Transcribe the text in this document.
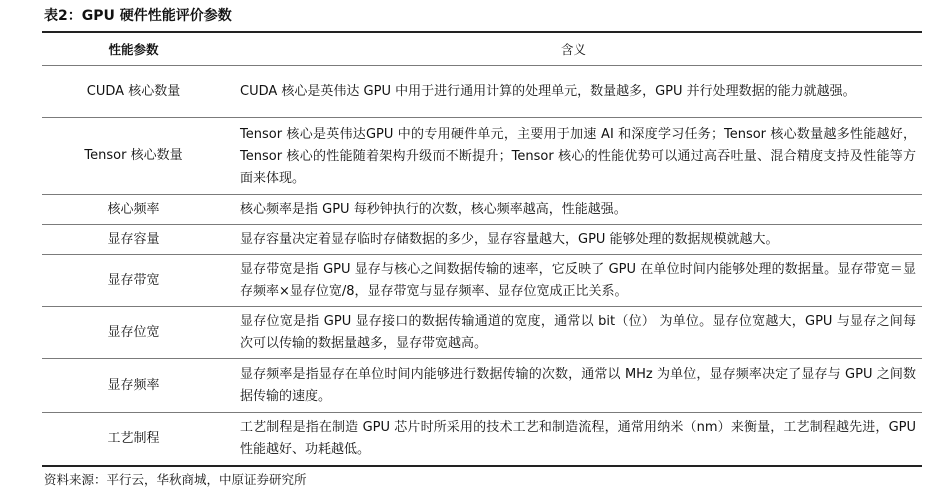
表2：GPU 硬件性能评价参数
性能参数	含义
CUDA 核心数量	CUDA 核心是英伟达 GPU 中用于进行通用计算的处理单元，数量越多，GPU 并行处理数据的能力就越强。
Tensor 核心数量	Tensor 核心是英伟达GPU 中的专用硬件单元，主要用于加速 AI 和深度学习任务；Tensor 核心数量越多性能越好，Tensor 核心的性能随着架构升级而不断提升；Tensor 核心的性能优势可以通过高吞吐量、混合精度支持及性能等方面来体现。
核心频率	核心频率是指 GPU 每秒钟执行的次数，核心频率越高，性能越强。
显存容量	显存容量决定着显存临时存储数据的多少，显存容量越大，GPU 能够处理的数据规模就越大。
显存带宽	显存带宽是指 GPU 显存与核心之间数据传输的速率，它反映了 GPU 在单位时间内能够处理的数据量。显存带宽＝显存频率×显存位宽/8，显存带宽与显存频率、显存位宽成正比关系。
显存位宽	显存位宽是指 GPU 显存接口的数据传输通道的宽度，通常以 bit（位） 为单位。显存位宽越大，GPU 与显存之间每次可以传输的数据量越多，显存带宽越高。
显存频率	显存频率是指显存在单位时间内能够进行数据传输的次数，通常以 MHz 为单位，显存频率决定了显存与 GPU 之间数据传输的速度。
工艺制程	工艺制程是指在制造 GPU 芯片时所采用的技术工艺和制造流程，通常用纳米（nm）来衡量，工艺制程越先进，GPU 性能越好、功耗越低。
资料来源：平行云，华秋商城，中原证券研究所
